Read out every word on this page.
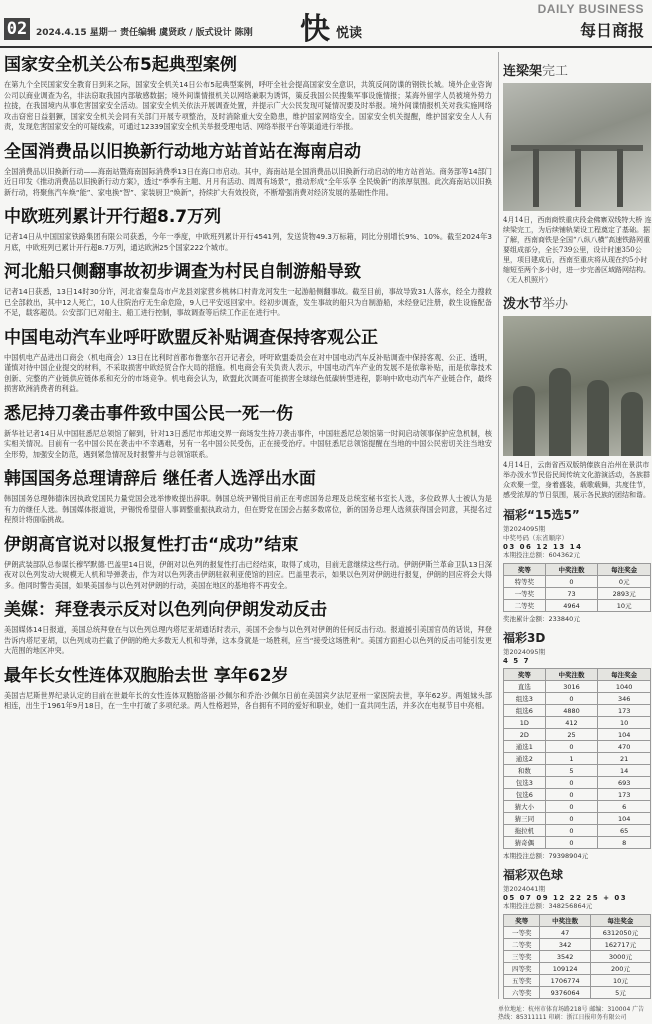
02 2024.4.15 星期一 责任编辑 虞贤政 / 版式设计 陈刚 快 悦读
DAILY BUSINESS
每日商报
国家安全机关公布5起典型案例
在第九个全民国家安全教育日到来之际，国家安全机关14日公布5起典型案例，呼吁全社会提高国家安全意识，共筑反间防谍的钢铁长城。境外企业咨询公司以商业调查为名，非法窃取我国内部敏感数据；境外间谍情报机关以网络兼职为诱饵，策反我国公民搜集军事设施情报；某海外留学人员被境外势力拉拢，在我国境内从事危害国家安全活动。国家安全机关依法开展调查处置，并提示广大公民发现可疑情况要及时举报。境外间谍情报机关对我实施网络攻击窃密日益猖獗，国家安全机关会同有关部门开展专项整治，及时消除重大安全隐患，维护国家网络安全。国家安全机关提醒，维护国家安全人人有责，发现危害国家安全的可疑线索，可通过12339国家安全机关举报受理电话、网络举报平台等渠道进行举报。
全国消费品以旧换新行动地方站首站在海南启动
全国消费品以旧换新行动——海南站暨海南国际消费季13日在海口市启动。其中，海南站是全国消费品以旧换新行动启动的地方站首站。商务部等14部门近日印发《推动消费品以旧换新行动方案》，透过“季季有主题、月月有活动、周周有场景”，推动形成“全年乐享 全民焕新”的浓厚氛围。此次海南站以旧换新行动，将聚焦汽车焕“能”、家电换“智”、家装厨卫“焕新”，持续扩大有效投资，不断增强消费对经济发展的基础性作用。
中欧班列累计开行超8.7万列
记者14日从中国国家铁路集团有限公司获悉，今年一季度，中欧班列累计开行4541列，发送货物49.3万标箱，同比分别增长9%、10%。截至2024年3月底，中欧班列已累计开行超8.7万列，通达欧洲25个国家222个城市。
河北船只侧翻事故初步调查为村民自制游船导致
记者14日获悉，13日14时30分许，河北省秦皇岛市卢龙县刘家营乡桃林口村青龙河发生一起游船侧翻事故。截至目前，事故导致31人落水，经全力搜救已全部救出，其中12人死亡，10人住院治疗无生命危险，9人已平安返回家中。经初步调查，发生事故的船只为自制游船，未经登记注册，救生设施配备不足，载客超员。公安部门已对船主、船工进行控制，事故调查等后续工作正在进行中。
中国电动汽车业呼吁欧盟反补贴调查保持客观公正
中国机电产品进出口商会（机电商会）13日在比利时首都布鲁塞尔召开记者会，呼吁欧盟委员会在对中国电动汽车反补贴调查中保持客观、公正、透明，谨慎对待中国企业提交的材料，不采取损害中欧经贸合作大局的措施。机电商会有关负责人表示，中国电动汽车产业的发展不是依靠补贴，而是依靠技术创新、完整的产业链供应链体系和充分的市场竞争。机电商会认为，欧盟此次调查可能损害全球绿色低碳转型进程，影响中欧电动汽车产业链合作，最终损害欧洲消费者的利益。
悉尼持刀袭击事件致中国公民一死一伤
新华社记者14日从中国驻悉尼总领馆了解到，针对13日悉尼市邦迪交界一商场发生持刀袭击事件，中国驻悉尼总领馆第一时间启动领事保护应急机制，核实相关情况。目前有一名中国公民在袭击中不幸遇难，另有一名中国公民受伤，正在接受治疗。中国驻悉尼总领馆提醒在当地的中国公民密切关注当地安全形势，加强安全防范，遇到紧急情况及时报警并与总领馆联系。
韩国国务总理请辞后 继任者人选浮出水面
韩国国务总理韩德洙因执政党国民力量党国会选举惨败提出辞职。韩国总统尹锡悦目前正在考虑国务总理及总统室秘书室长人选，多位政界人士被认为是有力的继任人选。韩国媒体报道说，尹锡悦希望借人事调整重振执政动力，但在野党在国会占据多数席位，新的国务总理人选须获得国会同意，其提名过程预计将面临挑战。
伊朗高官说对以报复性打击“成功”结束
伊朗武装部队总参谋长穆罕默德·巴盖里14日说，伊朗对以色列的报复性打击已经结束，取得了成功，目前无意继续这些行动。伊朗伊斯兰革命卫队13日深夜对以色列发动大规模无人机和导弹袭击，作为对以色列袭击伊朗驻叙利亚使馆的回应。巴盖里表示，如果以色列对伊朗进行报复，伊朗的回应将会大得多。他同时警告美国，如果美国参与以色列对伊朗的行动，美国在地区的基地将不再安全。
美媒：拜登表示反对以色列向伊朗发动反击
美国媒体14日报道，美国总统拜登在与以色列总理内塔尼亚胡通话时表示，美国不会参与以色列对伊朗的任何反击行动。报道援引美国官员的话说，拜登告诉内塔尼亚胡，以色列成功拦截了伊朗的绝大多数无人机和导弹，这本身就是一场胜利，应当“接受这场胜利”。美国方面担心以色列的反击可能引发更大范围的地区冲突。
最年长女性连体双胞胎去世 享年62岁
美国吉尼斯世界纪录认定的目前在世最年长的女性连体双胞胎洛丽·沙佩尔和乔治·沙佩尔日前在美国宾夕法尼亚州一家医院去世，享年62岁。两姐妹头部相连，出生于1961年9月18日，在一生中打破了多项纪录。两人性格迥异，各自拥有不同的爱好和职业，她们一直共同生活，并多次在电视节目中亮相。
连梁架完工
4月14日，西南商铁重庆段金佛寨双线特大桥 连续梁完工，为后续铺轨架设工程奠定了基础。据了解，西南商铁是全国“八纵八横”高速铁路网重要组成部分，全长739公里，设计时速350公里，项目建成后，西南至重庆将从现在约5小时缩短至两个多小时，进一步完善区域路网结构。（无人机照片）
泼水节举办
4月14日，云南省西双版纳傣族自治州在景洪市举办泼水节民俗民间传统文化游演活动，各族群众欢聚一堂，身着盛装，载歌载舞，共度佳节，感受浓厚的节日氛围，展示各民族的团结和谐。
福彩“15选5”
第2024095期
中奖号码（东省顺序）
03 06 12 13 14
本期投注总额：604362元
奖等	中奖注数	每注奖金
特等奖	0	0元
一等奖	73	2893元
二等奖	4964	10元
奖池累计金额：233840元
福彩3D
第2024095期
4 5 7
奖等	中奖注数	每注奖金
直选	3016	1040
组选3	0	346
组选6	4880	173
1D	412	10
2D	25	104
通选1	0	470
通选2	1	21
和数	5	14
包选3	0	693
包选6	0	173
猜大小	0	6
猜三同	0	104
拖拉机	0	65
猜奇偶	0	8
本期投注总额：79398904元
福彩双色球
第2024041期
05 07 09 12 22 25 + 03
本期投注总额：348256864元
奖等	中奖注数	每注奖金
一等奖	47	6312050元
二等奖	342	162717元
三等奖	3542	3000元
四等奖	109124	200元
五等奖	1706774	10元
六等奖	9376064	5元
单位地址：杭州市体育场路218号 邮编：310004 广告热线：85311111 印刷：浙江日报印务有限公司
